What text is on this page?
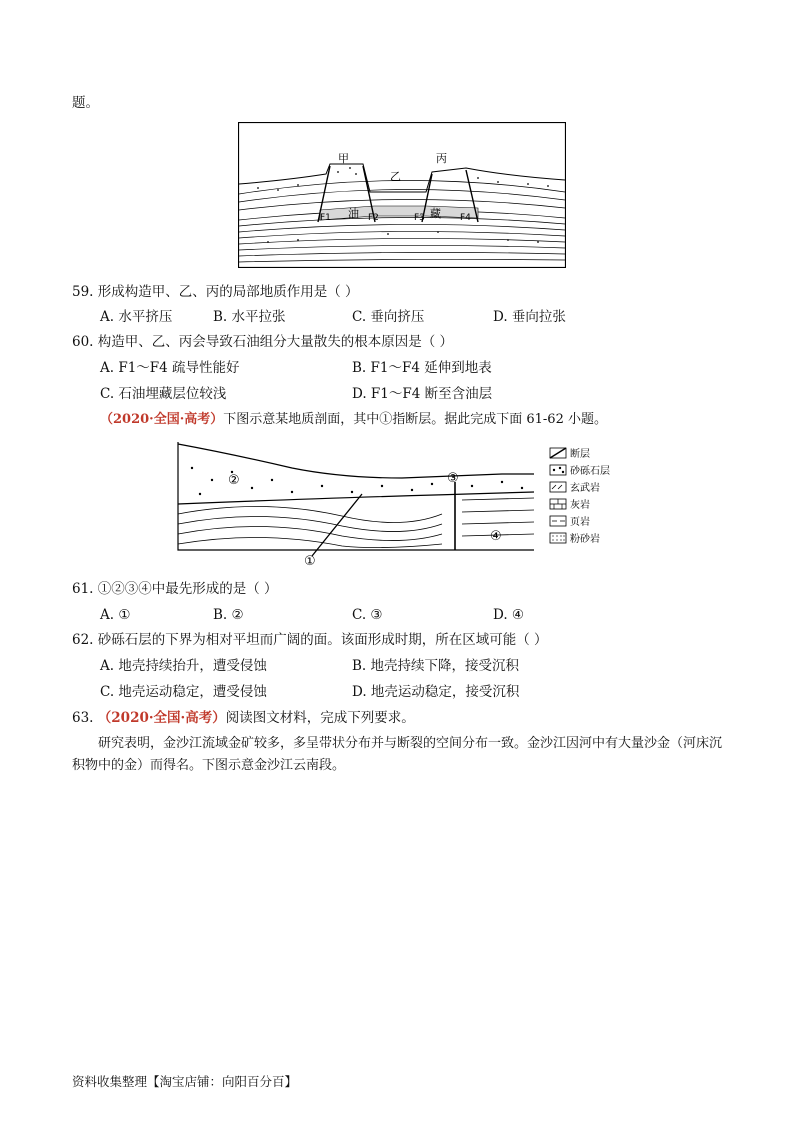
题。
甲
乙
丙
油	藏
F1	F2	F3	F4
59. 形成构造甲、乙、丙的局部地质作用是（ ）
A. 水平挤压	B. 水平拉张	C. 垂向挤压	D. 垂向拉张
60. 构造甲、乙、丙会导致石油组分大量散失的根本原因是（ ）
A. F1～F4 疏导性能好	B. F1～F4 延伸到地表
C. 石油埋藏层位较浅	D. F1～F4 断至含油层
（2020·全国·高考）下图示意某地质剖面，其中①指断层。据此完成下面 61-62 小题。
②	③
④
①
断层
砂砾石层
玄武岩
灰岩
页岩
粉砂岩
61. ①②③④中最先形成的是（ ）
A. ①	B. ②	C. ③	D. ④
62. 砂砾石层的下界为相对平坦而广阔的面。该面形成时期，所在区域可能（ ）
A. 地壳持续抬升，遭受侵蚀	B. 地壳持续下降，接受沉积
C. 地壳运动稳定，遭受侵蚀	D. 地壳运动稳定，接受沉积
63. （2020·全国·高考）阅读图文材料，完成下列要求。
研究表明，金沙江流域金矿较多，多呈带状分布并与断裂的空间分布一致。金沙江因河中有大量沙金（河床沉积物中的金）而得名。下图示意金沙江云南段。
资料收集整理【淘宝店铺：向阳百分百】
